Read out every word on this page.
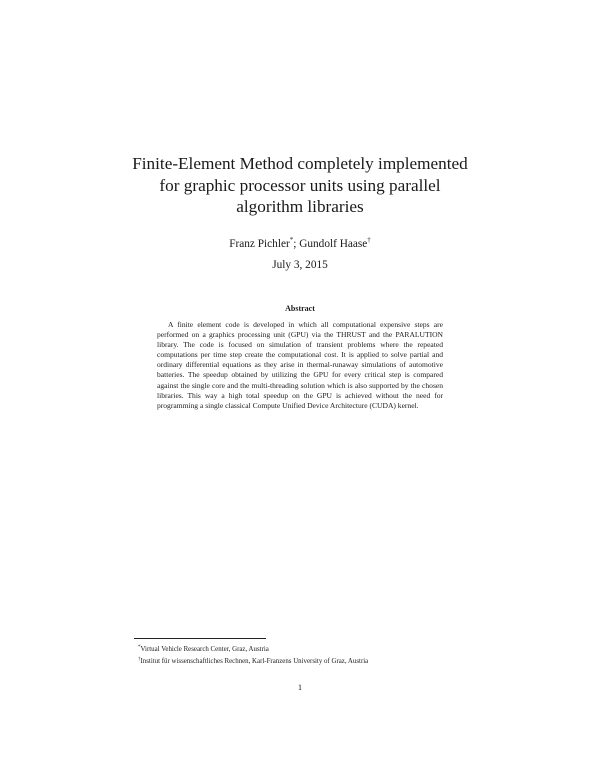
Finite-Element Method completely implemented
for graphic processor units using parallel
algorithm libraries
Franz Pichler*; Gundolf Haase†
July 3, 2015
Abstract
A finite element code is developed in which all computational expensive steps are performed on a graphics processing unit (GPU) via the THRUST and the PARALUTION library. The code is focused on simulation of transient problems where the repeated computations per time step create the computational cost. It is applied to solve partial and ordinary differential equations as they arise in thermal-runaway simulations of automotive batteries. The speedup obtained by utilizing the GPU for every critical step is compared against the single core and the multi-threading solution which is also supported by the chosen libraries. This way a high total speedup on the GPU is achieved without the need for programming a single classical Compute Unified Device Architecture (CUDA) kernel.
*Virtual Vehicle Research Center, Graz, Austria
†Institut für wissenschaftliches Rechnen, Karl-Franzens University of Graz, Austria
1
